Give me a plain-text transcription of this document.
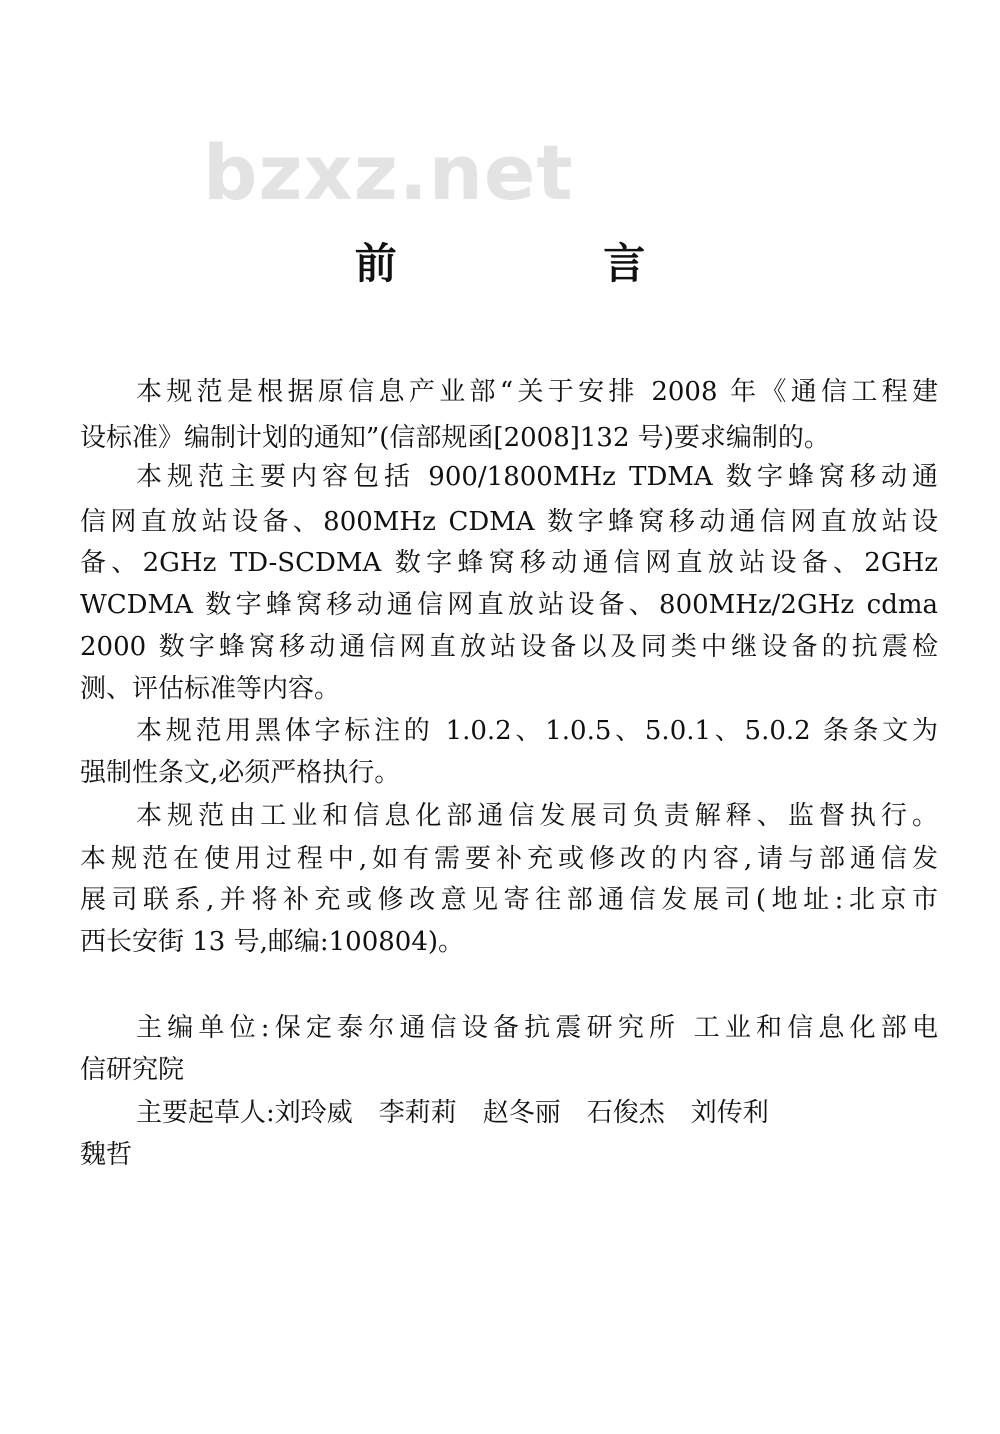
bzxz.net
前 言
本规范是根据原信息产业部“关于安排 2008 年《通信工程建
设标准》编制计划的通知”(信部规函[2008]132 号)要求编制的。
本规范主要内容包括 900/1800MHz TDMA 数字蜂窝移动通
信网直放站设备、800MHz CDMA 数字蜂窝移动通信网直放站设
备、2GHz TD-SCDMA 数字蜂窝移动通信网直放站设备、2GHz
WCDMA 数字蜂窝移动通信网直放站设备、800MHz/2GHz cdma
2000 数字蜂窝移动通信网直放站设备以及同类中继设备的抗震检
测、评估标准等内容。
本规范用黑体字标注的 1.0.2、1.0.5、5.0.1、5.0.2 条条文为
强制性条文,必须严格执行。
本规范由工业和信息化部通信发展司负责解释、监督执行。
本规范在使用过程中,如有需要补充或修改的内容,请与部通信发
展司联系,并将补充或修改意见寄往部通信发展司(地址:北京市
西长安街 13 号,邮编:100804)。
主编单位:保定泰尔通信设备抗震研究所 工业和信息化部电
信研究院
主要起草人:刘玲威　李莉莉　赵冬丽　石俊杰　刘传利
魏哲
